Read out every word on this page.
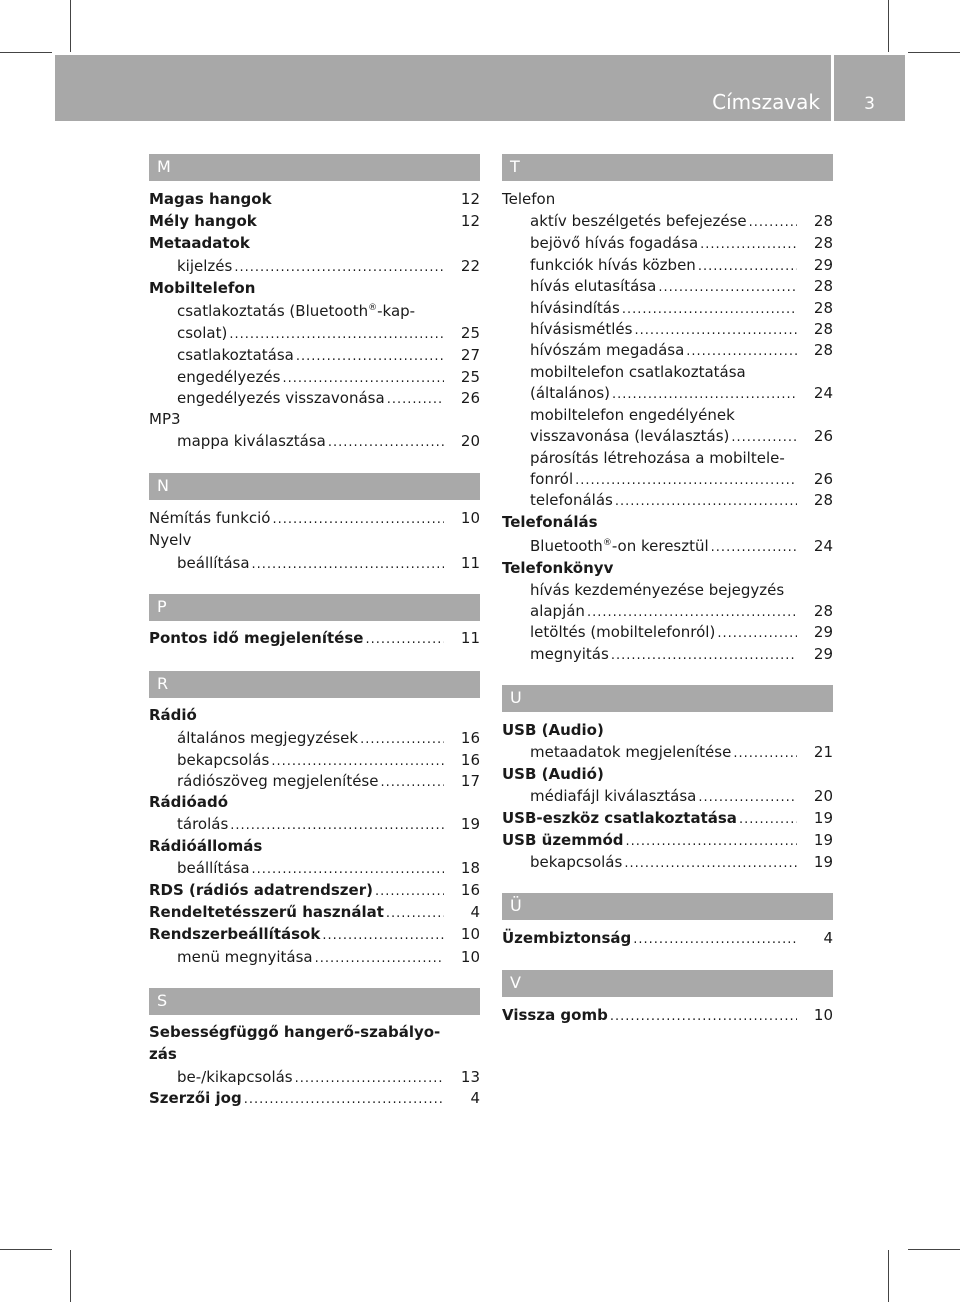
Címszavak	3
M
Magas hangok	12
Mély hangok	12
Metaadatok
kijelzés .....	22
Mobiltelefon
csatlakoztatás (Bluetooth®-kap-
csolat) .....	25
csatlakoztatása .....	27
engedélyezés .....	25
engedélyezés visszavonása .....	26
MP3
mappa kiválasztása .....	20
N
Némítás funkció .....	10
Nyelv
beállítása .....	11
P
Pontos idő megjelenítése .....	11
R
Rádió
általános megjegyzések .....	16
bekapcsolás .....	16
rádiószöveg megjelenítése .....	17
Rádióadó
tárolás .....	19
Rádióállomás
beállítása .....	18
RDS (rádiós adatrendszer) .....	16
Rendeltetésszerű használat .....	4
Rendszerbeállítások .....	10
menü megnyitása .....	10
S
Sebességfüggő hangerő-szabályo-
zás
be-/kikapcsolás .....	13
Szerzői jog .....	4
T
Telefon
aktív beszélgetés befejezése .....	28
bejövő hívás fogadása .....	28
funkciók hívás közben .....	29
hívás elutasítása .....	28
hívásindítás .....	28
hívásismétlés .....	28
hívószám megadása .....	28
mobiltelefon csatlakoztatása
(általános) .....	24
mobiltelefon engedélyének
visszavonása (leválasztás) .....	26
párosítás létrehozása a mobiltele-
fonról .....	26
telefonálás .....	28
Telefonálás
Bluetooth®-on keresztül .....	24
Telefonkönyv
hívás kezdeményezése bejegyzés
alapján .....	28
letöltés (mobiltelefonról) .....	29
megnyitás .....	29
U
USB (Audio)
metaadatok megjelenítése .....	21
USB (Audió)
médiafájl kiválasztása .....	20
USB-eszköz csatlakoztatása .....	19
USB üzemmód .....	19
bekapcsolás .....	19
Ü
Üzembiztonság .....	4
V
Vissza gomb .....	10
